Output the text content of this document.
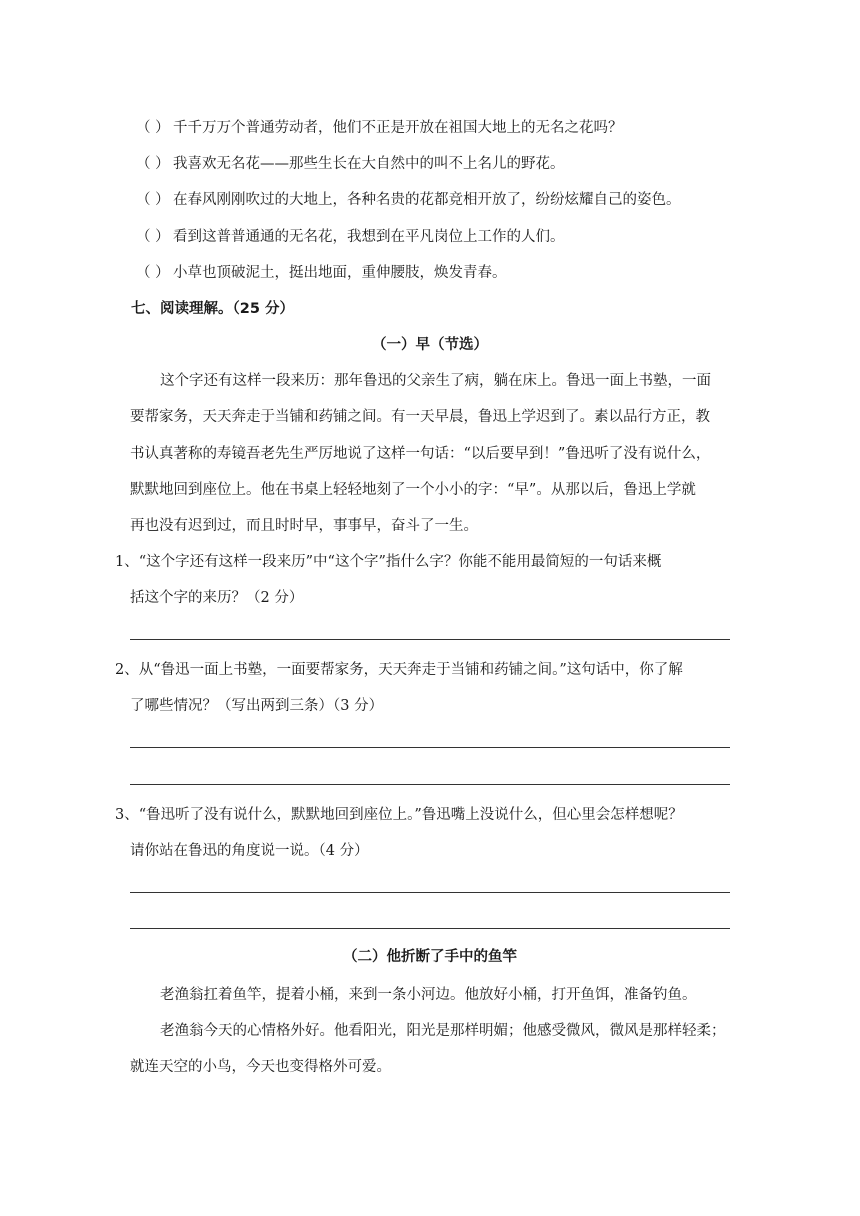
（ ） 千千万万个普通劳动者，他们不正是开放在祖国大地上的无名之花吗？
（ ） 我喜欢无名花——那些生长在大自然中的叫不上名儿的野花。
（ ） 在春风刚刚吹过的大地上，各种名贵的花都竞相开放了，纷纷炫耀自己的姿色。
（ ） 看到这普普通通的无名花，我想到在平凡岗位上工作的人们。
（ ） 小草也顶破泥土，挺出地面，重伸腰肢，焕发青春。
七、阅读理解。（25 分）
（一）早（节选）
这个字还有这样一段来历：那年鲁迅的父亲生了病，躺在床上。鲁迅一面上书塾，一面
要帮家务，天天奔走于当铺和药铺之间。有一天早晨，鲁迅上学迟到了。素以品行方正，教
书认真著称的寿镜吾老先生严厉地说了这样一句话：“以后要早到！”鲁迅听了没有说什么，
默默地回到座位上。他在书桌上轻轻地刻了一个小小的字：“早”。从那以后，鲁迅上学就
再也没有迟到过，而且时时早，事事早，奋斗了一生。
1、“这个字还有这样一段来历”中“这个字”指什么字？你能不能用最简短的一句话来概
括这个字的来历？（2 分）
2、从“鲁迅一面上书塾，一面要帮家务，天天奔走于当铺和药铺之间。”这句话中，你了解
了哪些情况？（写出两到三条）（3 分）
3、“鲁迅听了没有说什么，默默地回到座位上。”鲁迅嘴上没说什么，但心里会怎样想呢？
请你站在鲁迅的角度说一说。（4 分）
（二）他折断了手中的鱼竿
老渔翁扛着鱼竿，提着小桶，来到一条小河边。他放好小桶，打开鱼饵，准备钓鱼。
老渔翁今天的心情格外好。他看阳光，阳光是那样明媚；他感受微风，微风是那样轻柔；
就连天空的小鸟，今天也变得格外可爱。
